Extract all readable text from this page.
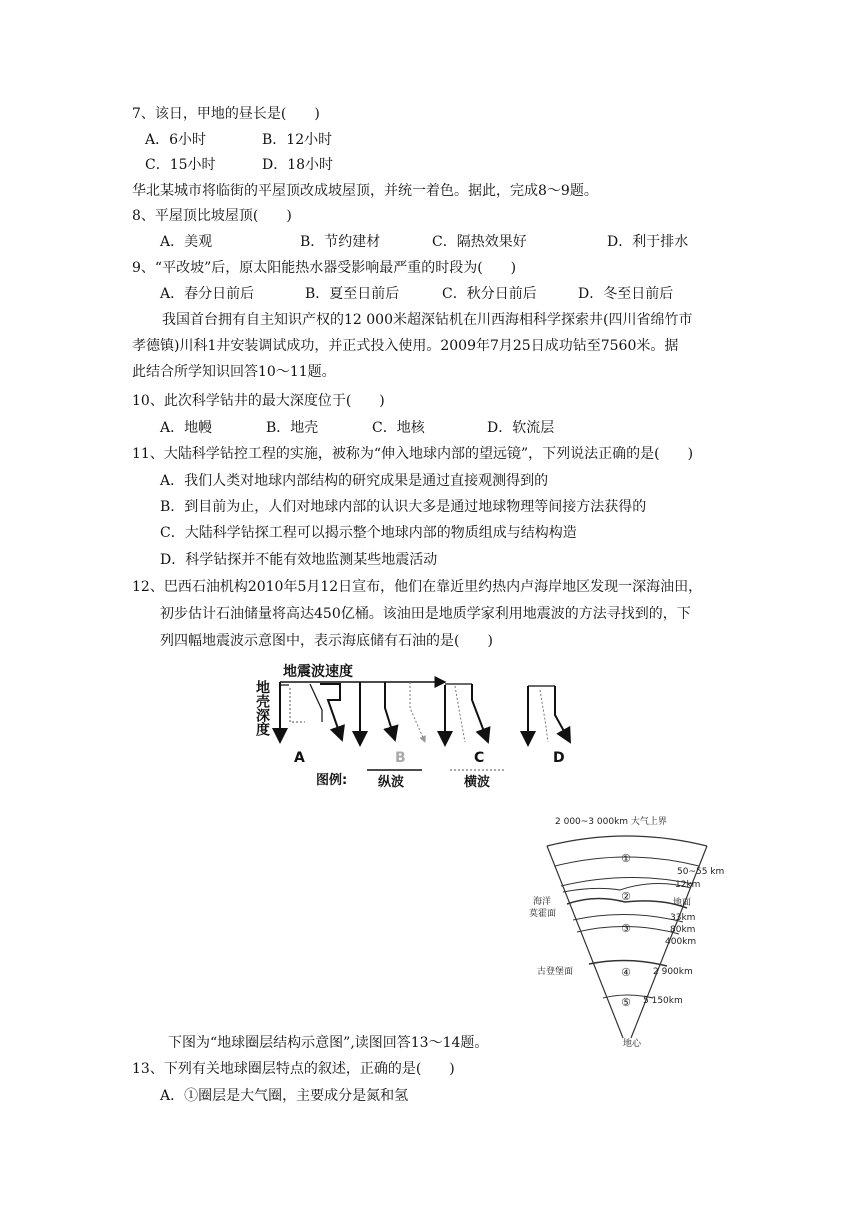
7、该日，甲地的昼长是(　　)
A．6小时	B．12小时
C．15小时	D．18小时
华北某城市将临街的平屋顶改成坡屋顶，并统一着色。据此，完成8～9题。
8、平屋顶比坡屋顶(　　)
A．美观	B．节约建材	C．隔热效果好	D．利于排水
9、“平改坡”后，原太阳能热水器受影响最严重的时段为(　　)
A．春分日前后	B．夏至日前后	C．秋分日前后	D．冬至日前后
我国首台拥有自主知识产权的12 000米超深钻机在川西海相科学探索井(四川省绵竹市
孝德镇)川科1井安装调试成功，并正式投入使用。2009年7月25日成功钻至7560米。据
此结合所学知识回答10～11题。
10、此次科学钻井的最大深度位于(　　)
A．地幔	B．地壳	C．地核	D．软流层
11、大陆科学钻控工程的实施，被称为“伸入地球内部的望远镜”，下列说法正确的是(　　)
A．我们人类对地球内部结构的研究成果是通过直接观测得到的
B．到目前为止，人们对地球内部的认识大多是通过地球物理等间接方法获得的
C．大陆科学钻探工程可以揭示整个地球内部的物质组成与结构构造
D．科学钻探并不能有效地监测某些地震活动
12、巴西石油机构2010年5月12日宣布，他们在靠近里约热内卢海岸地区发现一深海油田，
初步估计石油储量将高达450亿桶。该油田是地质学家利用地震波的方法寻找到的，下
列四幅地震波示意图中，表示海底储有石油的是(　　)
地壳深度
地震波速度
A	B	C	D
图例: 纵波	横波
2 000~3 000km 大气上界
①
②
③
④
⑤
50~55 km
12km
地面
33km
80km
400km
2 900km
5 150km
海洋
莫霍面
古登堡面
地心
下图为“地球圈层结构示意图”,读图回答13～14题。
13、下列有关地球圈层特点的叙述，正确的是(　　)
A．①圈层是大气圈，主要成分是氮和氢
